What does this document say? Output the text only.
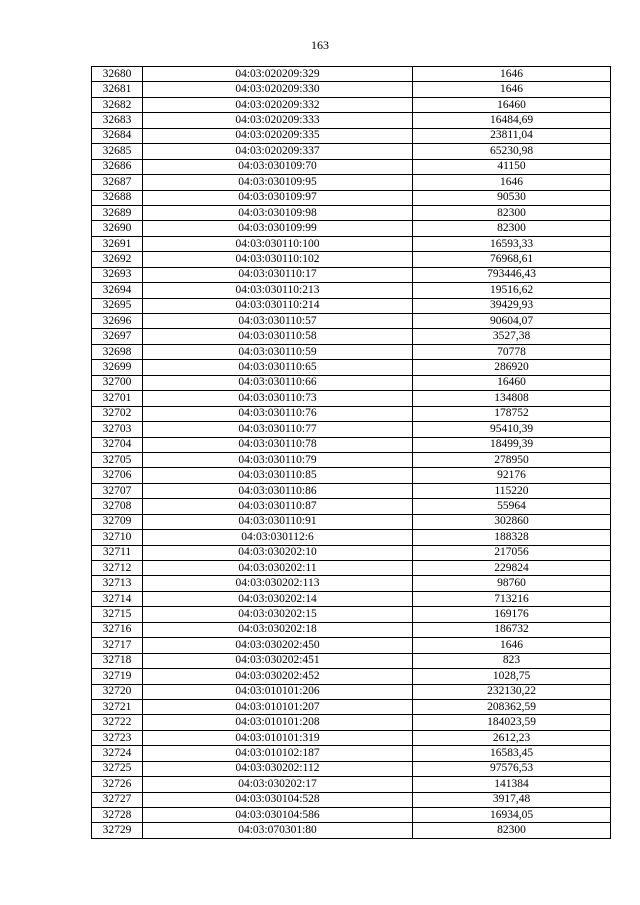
163
32680	04:03:020209:329	1646
32681	04:03:020209:330	1646
32682	04:03:020209:332	16460
32683	04:03:020209:333	16484,69
32684	04:03:020209:335	23811,04
32685	04:03:020209:337	65230,98
32686	04:03:030109:70	41150
32687	04:03:030109:95	1646
32688	04:03:030109:97	90530
32689	04:03:030109:98	82300
32690	04:03:030109:99	82300
32691	04:03:030110:100	16593,33
32692	04:03:030110:102	76968,61
32693	04:03:030110:17	793446,43
32694	04:03:030110:213	19516,62
32695	04:03:030110:214	39429,93
32696	04:03:030110:57	90604,07
32697	04:03:030110:58	3527,38
32698	04:03:030110:59	70778
32699	04:03:030110:65	286920
32700	04:03:030110:66	16460
32701	04:03:030110:73	134808
32702	04:03:030110:76	178752
32703	04:03:030110:77	95410,39
32704	04:03:030110:78	18499,39
32705	04:03:030110:79	278950
32706	04:03:030110:85	92176
32707	04:03:030110:86	115220
32708	04:03:030110:87	55964
32709	04:03:030110:91	302860
32710	04:03:030112:6	188328
32711	04:03:030202:10	217056
32712	04:03:030202:11	229824
32713	04:03:030202:113	98760
32714	04:03:030202:14	713216
32715	04:03:030202:15	169176
32716	04:03:030202:18	186732
32717	04:03:030202:450	1646
32718	04:03:030202:451	823
32719	04:03:030202:452	1028,75
32720	04:03:010101:206	232130,22
32721	04:03:010101:207	208362,59
32722	04:03:010101:208	184023,59
32723	04:03:010101:319	2612,23
32724	04:03:010102:187	16583,45
32725	04:03:030202:112	97576,53
32726	04:03:030202:17	141384
32727	04:03:030104:528	3917,48
32728	04:03:030104:586	16934,05
32729	04:03:070301:80	82300
